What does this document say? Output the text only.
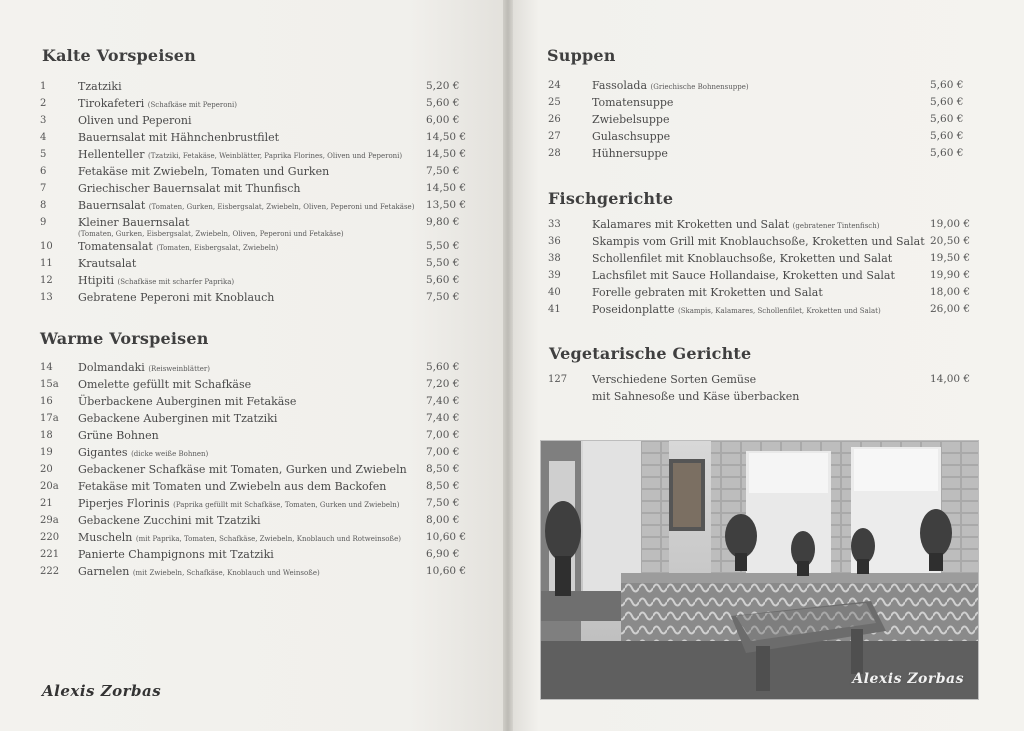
Kalte Vorspeisen
1	Tzatziki	5,20 €
2	Tirokafeteri (Schafkäse mit Peperoni)	5,60 €
3	Oliven und Peperoni	6,00 €
4	Bauernsalat mit Hähnchenbrustfilet	14,50 €
5	Hellenteller (Tzatziki, Fetakäse, Weinblätter, Paprika Florines, Oliven und Peperoni) 14,50 €
6	Fetakäse mit Zwiebeln, Tomaten und Gurken	7,50 €
7	Griechischer Bauernsalat mit Thunfisch	14,50 €
8	Bauernsalat (Tomaten, Gurken, Eisbergsalat, Zwiebeln, Oliven, Peperoni und Fetakäse) 13,50 €
9	Kleiner Bauernsalat
(Tomaten, Gurken, Eisbergsalat, Zwiebeln, Oliven, Peperoni und Fetakäse)
9,80 €
10	Tomatensalat (Tomaten, Eisbergsalat, Zwiebeln)	5,50 €
11	Krautsalat	5,50 €
12	Htipiti (Schafkäse mit scharfer Paprika)	5,60 €
13	Gebratene Peperoni mit Knoblauch	7,50 €
Warme Vorspeisen
14	Dolmandaki (Reisweinblätter)	5,60 €
15a	Omelette gefüllt mit Schafkäse	7,20 €
16	Überbackene Auberginen mit Fetakäse	7,40 €
17a	Gebackene Auberginen mit Tzatziki	7,40 €
18	Grüne Bohnen	7,00 €
19	Gigantes (dicke weiße Bohnen)	7,00 €
20	Gebackener Schafkäse mit Tomaten, Gurken und Zwiebeln 8,50 €
20a	Fetakäse mit Tomaten und Zwiebeln aus dem Backofen	8,50 €
21	Piperjes Florinis (Paprika gefüllt mit Schafkäse, Tomaten, Gurken und Zwiebeln)	7,50 €
29a	Gebackene Zucchini mit Tzatziki	8,00 €
220	Muscheln (mit Paprika, Tomaten, Schafkäse, Zwiebeln, Knoblauch und Rotweinsoße) 10,60 €
221	Panierte Champignons mit Tzatziki	6,90 €
222	Garnelen (mit Zwiebeln, Schafkäse, Knoblauch und Weinsoße)	10,60 €
Alexis Zorbas
Suppen
24	Fassolada (Griechische Bohnensuppe)	5,60 €
25	Tomatensuppe	5,60 €
26	Zwiebelsuppe	5,60 €
27	Gulaschsuppe	5,60 €
28	Hühnersuppe	5,60 €
Fischgerichte
33	Kalamares mit Kroketten und Salat (gebratener Tintenfisch)	19,00 €
36	Skampis vom Grill mit Knoblauchsoße, Kroketten und Salat 20,50 €
38	Schollenfilet mit Knoblauchsoße, Kroketten und Salat	19,50 €
39	Lachsfilet mit Sauce Hollandaise, Kroketten und Salat	19,90 €
40	Forelle gebraten mit Kroketten und Salat	18,00 €
41	Poseidonplatte (Skampis, Kalamares, Schollenfilet, Kroketten und Salat)	26,00 €
Vegetarische Gerichte
127	Verschiedene Sorten Gemüse
mit Sahnesoße und Käse überbacken
14,00 €
Alexis Zorbas
